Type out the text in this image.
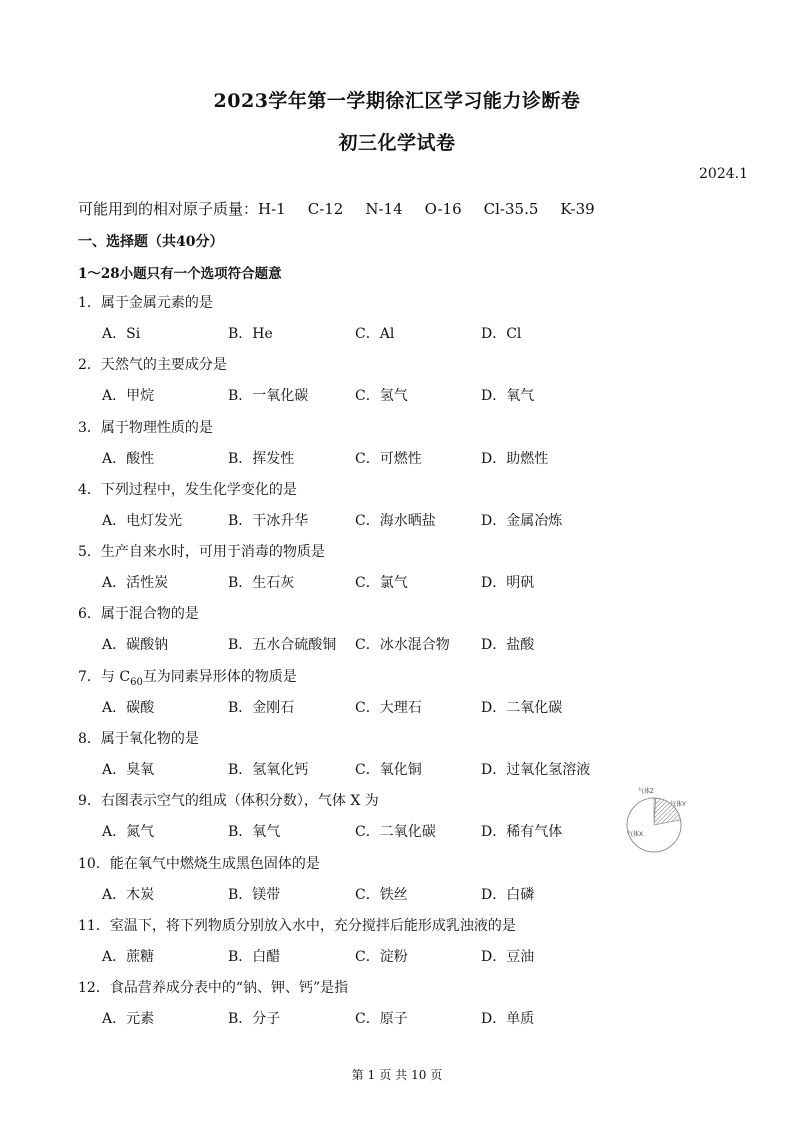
2023学年第一学期徐汇区学习能力诊断卷
初三化学试卷
2024.1
可能用到的相对原子质量：H-1 C-12 N-14 O-16 Cl-35.5 K-39
一、选择题（共40分）
1～28小题只有一个选项符合题意
1．属于金属元素的是
A．Si	B．He	C．Al	D．Cl
2．天然气的主要成分是
A．甲烷	B．一氧化碳	C．氢气	D．氧气
3．属于物理性质的是
A．酸性	B．挥发性	C．可燃性	D．助燃性
4．下列过程中，发生化学变化的是
A．电灯发光	B．干冰升华	C．海水晒盐	D．金属冶炼
5．生产自来水时，可用于消毒的物质是
A．活性炭	B．生石灰	C．氯气	D．明矾
6．属于混合物的是
A．碳酸钠	B．五水合硫酸铜 C．冰水混合物 D．盐酸
7．与 $C_{60}$互为同素异形体的物质是
A．碳酸	B．金刚石	C．大理石	D．二氧化碳
8．属于氧化物的是
A．臭氧	B．氢氧化钙	C．氧化铜	D．过氧化氢溶液
9．右图表示空气的组成（体积分数），气体 X 为
A．氮气	B．氧气	C．二氧化碳	D．稀有气体
10．能在氧气中燃烧生成黑色固体的是
A．木炭	B．镁带	C．铁丝	D．白磷
11．室温下，将下列物质分别放入水中，充分搅拌后能形成乳浊液的是
A．蔗糖	B．白醋	C．淀粉	D．豆油
12．食品营养成分表中的“钠、钾、钙”是指
A．元素	B．分子	C．原子	D．单质
气体Z
气体Y
气体X
第 1 页 共 10 页
